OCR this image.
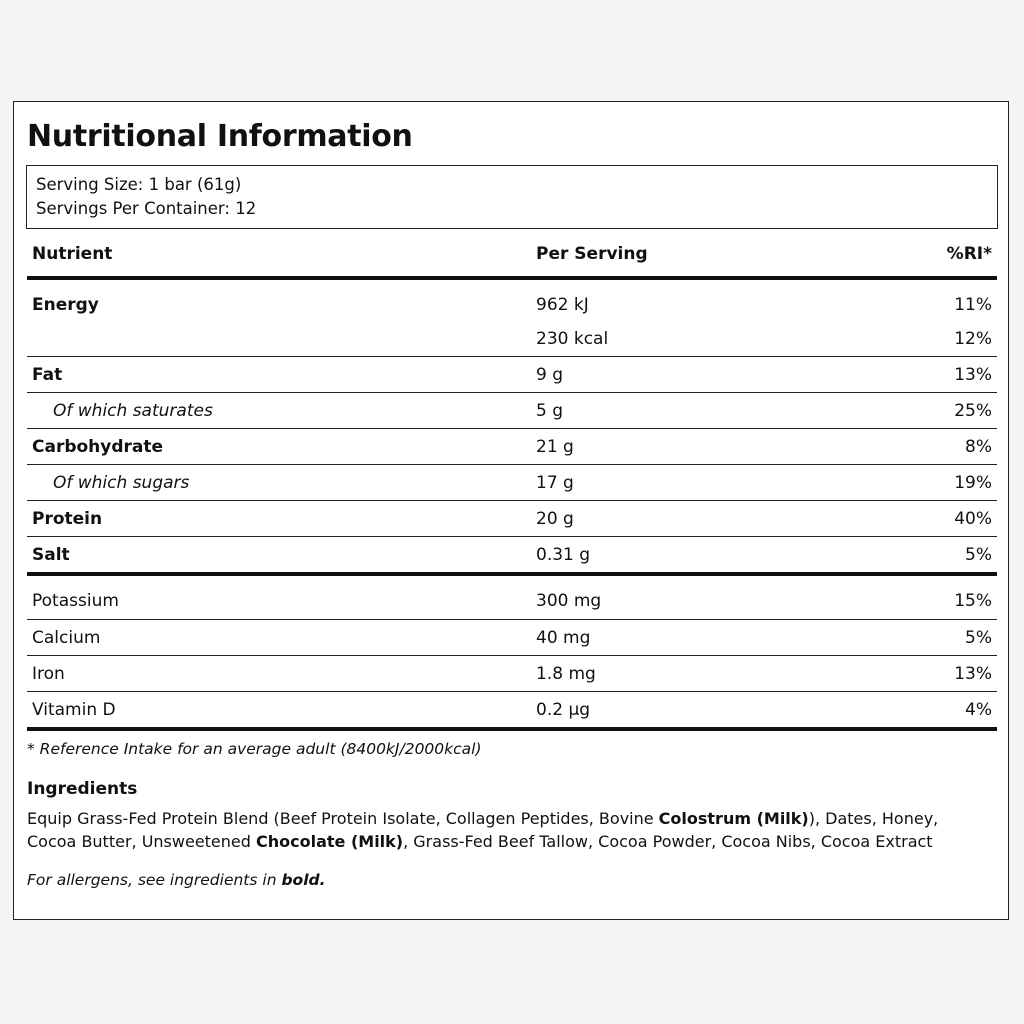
Nutritional Information
Serving Size: 1 bar (61g)
Servings Per Container: 12
Nutrient	Per Serving	%RI*
Energy	962 kJ	11%
	230 kcal	12%
Fat	9 g	13%
Of which saturates	5 g	25%
Carbohydrate	21 g	8%
Of which sugars	17 g	19%
Protein	20 g	40%
Salt	0.31 g	5%
Potassium	300 mg	15%
Calcium	40 mg	5%
Iron	1.8 mg	13%
Vitamin D	0.2 µg	4%
* Reference Intake for an average adult (8400kJ/2000kcal)
Ingredients
Equip Grass-Fed Protein Blend (Beef Protein Isolate, Collagen Peptides, Bovine Colostrum (Milk)), Dates, Honey, Cocoa Butter, Unsweetened Chocolate (Milk), Grass-Fed Beef Tallow, Cocoa Powder, Cocoa Nibs, Cocoa Extract
For allergens, see ingredients in bold.
